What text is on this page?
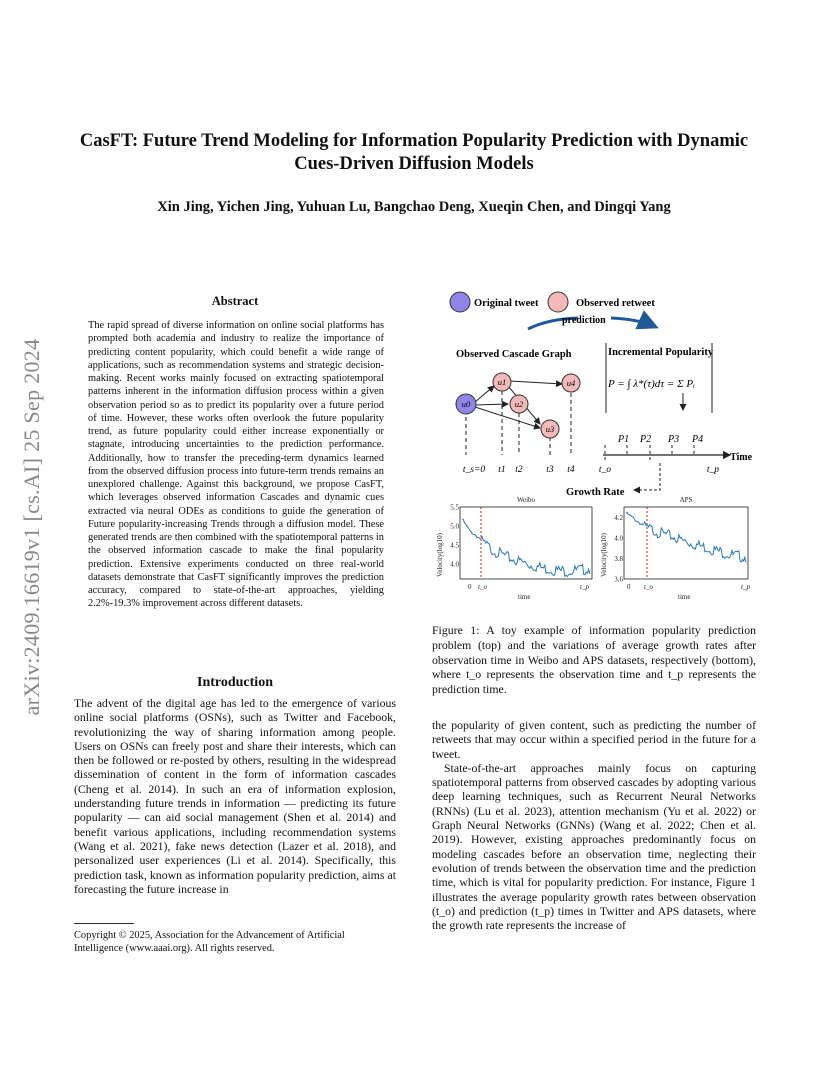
CasFT: Future Trend Modeling for Information Popularity Prediction with Dynamic Cues-Driven Diffusion Models
Xin Jing, Yichen Jing, Yuhuan Lu, Bangchao Deng, Xueqin Chen, and Dingqi Yang
arXiv:2409.16619v1 [cs.AI] 25 Sep 2024
Abstract
The rapid spread of diverse information on online social platforms has prompted both academia and industry to realize the importance of predicting content popularity, which could benefit a wide range of applications, such as recommendation systems and strategic decision-making. Recent works mainly focused on extracting spatiotemporal patterns inherent in the information diffusion process within a given observation period so as to predict its popularity over a future period of time. However, these works often overlook the future popularity trend, as future popularity could either increase exponentially or stagnate, introducing uncertainties to the prediction performance. Additionally, how to transfer the preceding-term dynamics learned from the observed diffusion process into future-term trends remains an unexplored challenge. Against this background, we propose CasFT, which leverages observed information Cascades and dynamic cues extracted via neural ODEs as conditions to guide the generation of Future popularity-increasing Trends through a diffusion model. These generated trends are then combined with the spatiotemporal patterns in the observed information cascade to make the final popularity prediction. Extensive experiments conducted on three real-world datasets demonstrate that CasFT significantly improves the prediction accuracy, compared to state-of-the-art approaches, yielding 2.2%-19.3% improvement across different datasets.
Introduction
The advent of the digital age has led to the emergence of various online social platforms (OSNs), such as Twitter and Facebook, revolutionizing the way of sharing information among people. Users on OSNs can freely post and share their interests, which can then be followed or re-posted by others, resulting in the widespread dissemination of content in the form of information cascades (Cheng et al. 2014). In such an era of information explosion, understanding future trends in information — predicting its future popularity — can aid social management (Shen et al. 2014) and benefit various applications, including recommendation systems (Wang et al. 2021), fake news detection (Lazer et al. 2018), and personalized user experiences (Li et al. 2014). Specifically, this prediction task, known as information popularity prediction, aims at forecasting the future increase in
Copyright © 2025, Association for the Advancement of Artificial Intelligence (www.aaai.org). All rights reserved.
Original tweet	Observed retweet
prediction
Observed Cascade Graph	Incremental Popularity
P = ∫ λ*(τ)dτ = Σ Pᵢ
u0
u1
u2
u3
u4
Time
P1 P2 P3 P4
t_s=0 t1 t2 t3 t4	t_o	t_p
Growth Rate
Weibo
4.0
4.5
5.0
5.5
Velocity(log10)
0 t_o	t_p
time
APS
3.6
3.8
4.0
4.2
Velocity(log10)
0 t_o	t_p
time
Figure 1: A toy example of information popularity prediction problem (top) and the variations of average growth rates after observation time in Weibo and APS datasets, respectively (bottom), where t_o represents the observation time and t_p represents the prediction time.

the popularity of given content, such as predicting the number of retweets that may occur within a specified period in the future for a tweet.

State-of-the-art approaches mainly focus on capturing spatiotemporal patterns from observed cascades by adopting various deep learning techniques, such as Recurrent Neural Networks (RNNs) (Lu et al. 2023), attention mechanism (Yu et al. 2022) or Graph Neural Networks (GNNs) (Wang et al. 2022; Chen et al. 2019). However, existing approaches predominantly focus on modeling cascades before an observation time, neglecting their evolution of trends between the observation time and the prediction time, which is vital for popularity prediction. For instance, Figure 1 illustrates the average popularity growth rates between observation (t_o) and prediction (t_p) times in Twitter and APS datasets, where the growth rate represents the increase of
